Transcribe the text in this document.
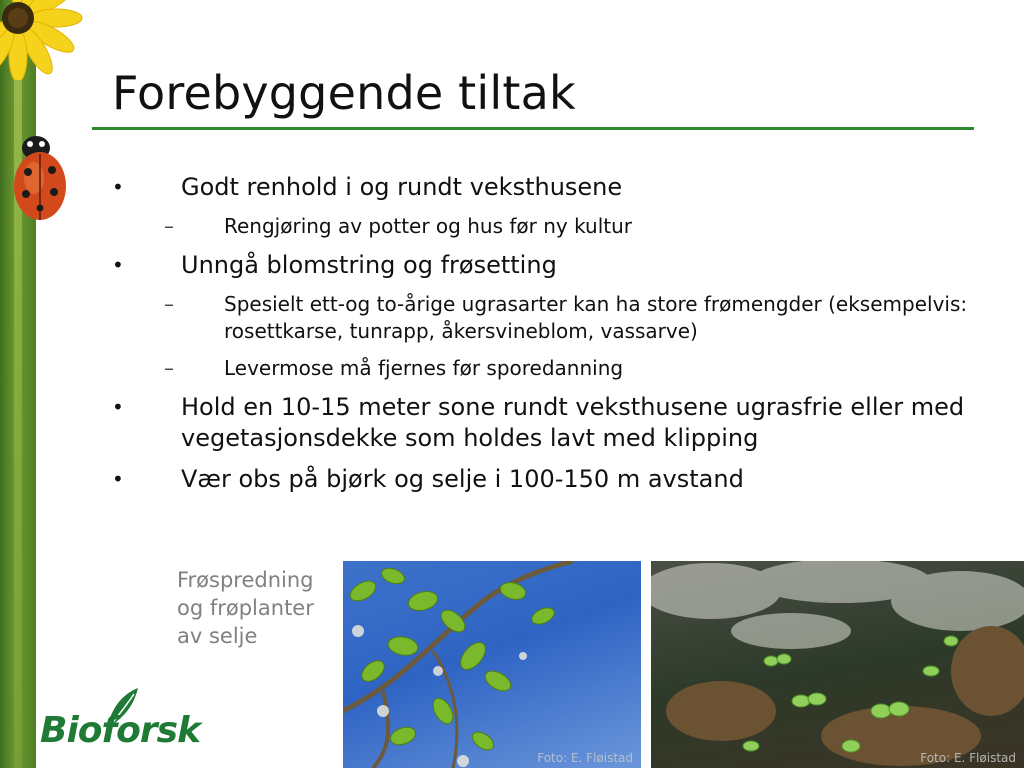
Forebyggende tiltak
• Godt renhold i og rundt veksthusene
–	Rengjøring av potter og hus før ny kultur
• Unngå blomstring og frøsetting
–	Spesielt ett-og to-årige ugrasarter kan ha store frømengder (eksempelvis: rosettkarse, tunrapp, åkersvineblom, vassarve)
–	Levermose må fjernes før sporedanning
• Hold en 10-15 meter sone rundt veksthusene ugrasfrie eller med vegetasjonsdekke som holdes lavt med klipping
• Vær obs på bjørk og selje i 100-150 m avstand
Frøspredning og frøplanter av selje
Foto: E. Fløistad	Foto: E. Fløistad
Bioforsk
